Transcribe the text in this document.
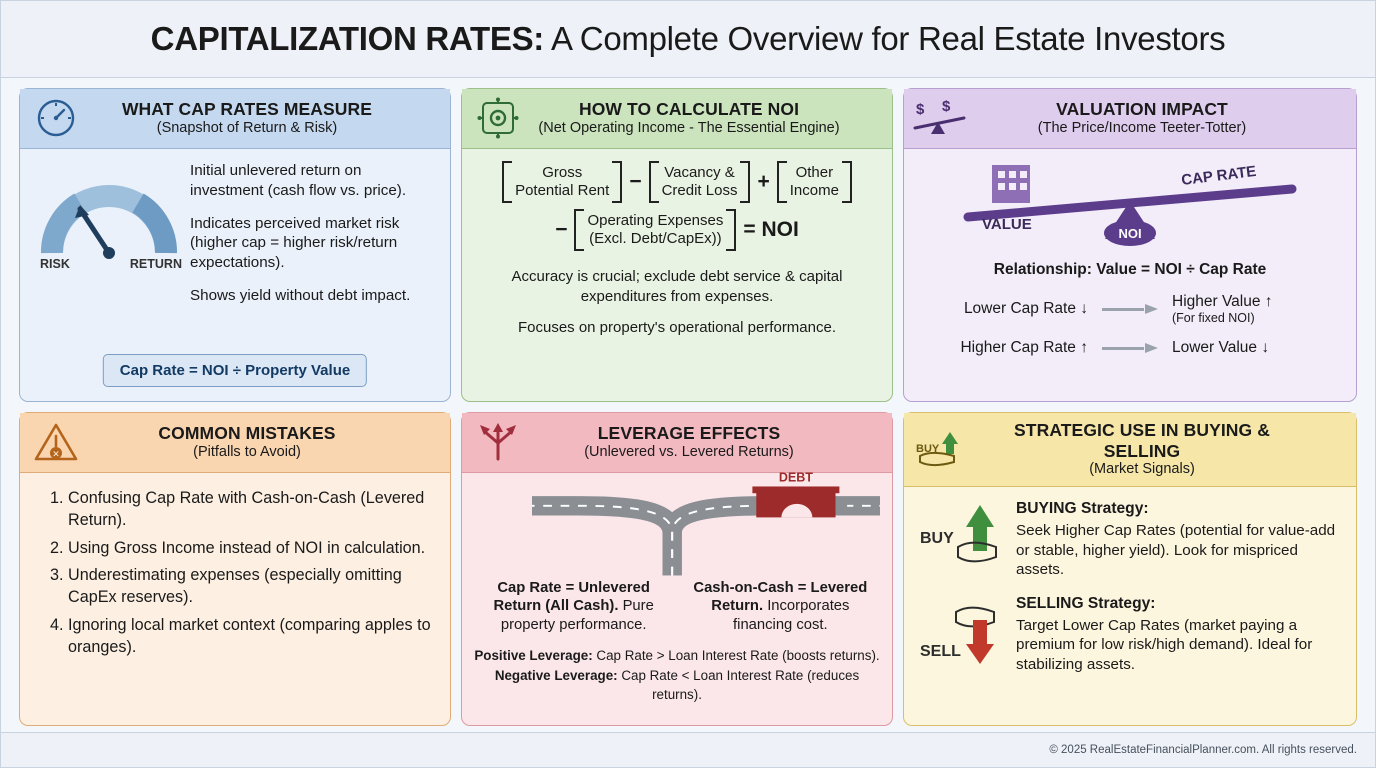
CAPITALIZATION RATES: A Complete Overview for Real Estate Investors
WHAT CAP RATES MEASURE
(Snapshot of Return & Risk)
RISK	RETURN

Initial unlevered return on investment (cash flow vs. price).

Indicates perceived market risk (higher cap = higher risk/return expectations).

Shows yield without debt impact.

Cap Rate = NOI ÷ Property Value
HOW TO CALCULATE NOI
(Net Operating Income - The Essential Engine)
Gross
Potential Rent − Vacancy &
Credit Loss +	Other
Income
− Operating Expenses
(Excl. Debt/CapEx)) = NOI

Accuracy is crucial; exclude debt service & capital expenditures from expenses.

Focuses on property's operational performance.

$ $	VALUATION IMPACT
(The Price/Income Teeter-Totter)
NOI
VALUE
CAP RATE
Relationship: Value = NOI ÷ Cap Rate
Lower Cap Rate ↓	Higher Value ↑
(For fixed NOI)
Higher Cap Rate ↑	Lower Value ↓
✕
COMMON MISTAKES
(Pitfalls to Avoid)
1. Confusing Cap Rate with Cash-on-Cash (Levered Return).
2. Using Gross Income instead of NOI in calculation.
3. Underestimating expenses (especially omitting CapEx reserves).
4. Ignoring local market context (comparing apples to oranges).
LEVERAGE EFFECTS
(Unlevered vs. Levered Returns)
DEBT
Cap Rate = Unlevered Return (All Cash). Pure property performance.
Cash-on-Cash = Levered Return. Incorporates financing cost.
Positive Leverage: Cap Rate > Loan Interest Rate (boosts returns).
Negative Leverage: Cap Rate < Loan Interest Rate (reduces returns).
BUY
STRATEGIC USE IN BUYING & SELLING
(Market Signals)
BUY
BUYING Strategy:
Seek Higher Cap Rates (potential for value-add or stable, higher yield). Look for mispriced assets.
SELL
SELLING Strategy:
Target Lower Cap Rates (market paying a premium for low risk/high demand). Ideal for stabilizing assets.
© 2025 RealEstateFinancialPlanner.com. All rights reserved.
